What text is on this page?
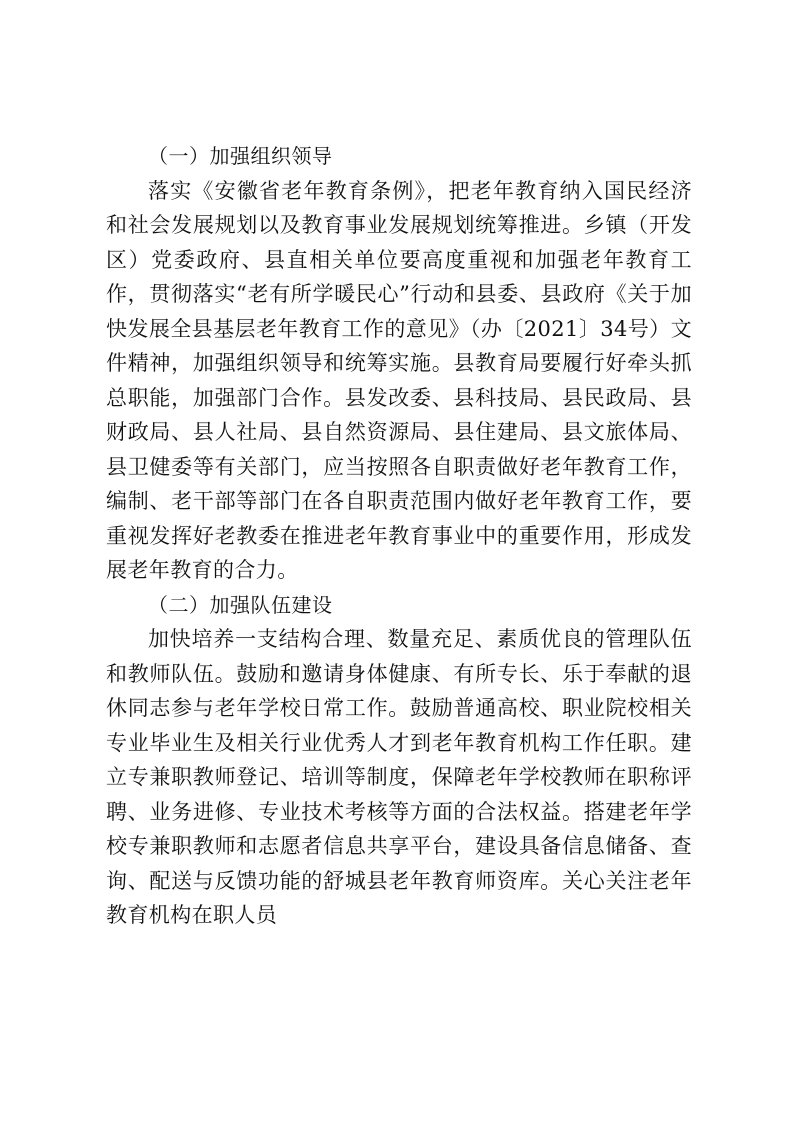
（一）加强组织领导

落实《安徽省老年教育条例》，把老年教育纳入国民经济和社会发展规划以及教育事业发展规划统筹推进。乡镇（开发区）党委政府、县直相关单位要高度重视和加强老年教育工作，贯彻落实“老有所学暖民心”行动和县委、县政府《关于加快发展全县基层老年教育工作的意见》（办〔2021〕34号）文件精神，加强组织领导和统筹实施。县教育局要履行好牵头抓总职能，加强部门合作。县发改委、县科技局、县民政局、县财政局、县人社局、县自然资源局、县住建局、县文旅体局、县卫健委等有关部门，应当按照各自职责做好老年教育工作，编制、老干部等部门在各自职责范围内做好老年教育工作，要重视发挥好老教委在推进老年教育事业中的重要作用，形成发展老年教育的合力。

（二）加强队伍建设

加快培养一支结构合理、数量充足、素质优良的管理队伍和教师队伍。鼓励和邀请身体健康、有所专长、乐于奉献的退休同志参与老年学校日常工作。鼓励普通高校、职业院校相关专业毕业生及相关行业优秀人才到老年教育机构工作任职。建立专兼职教师登记、培训等制度，保障老年学校教师在职称评聘、业务进修、专业技术考核等方面的合法权益。搭建老年学校专兼职教师和志愿者信息共享平台，建设具备信息储备、查询、配送与反馈功能的舒城县老年教育师资库。关心关注老年教育机构在职人员
